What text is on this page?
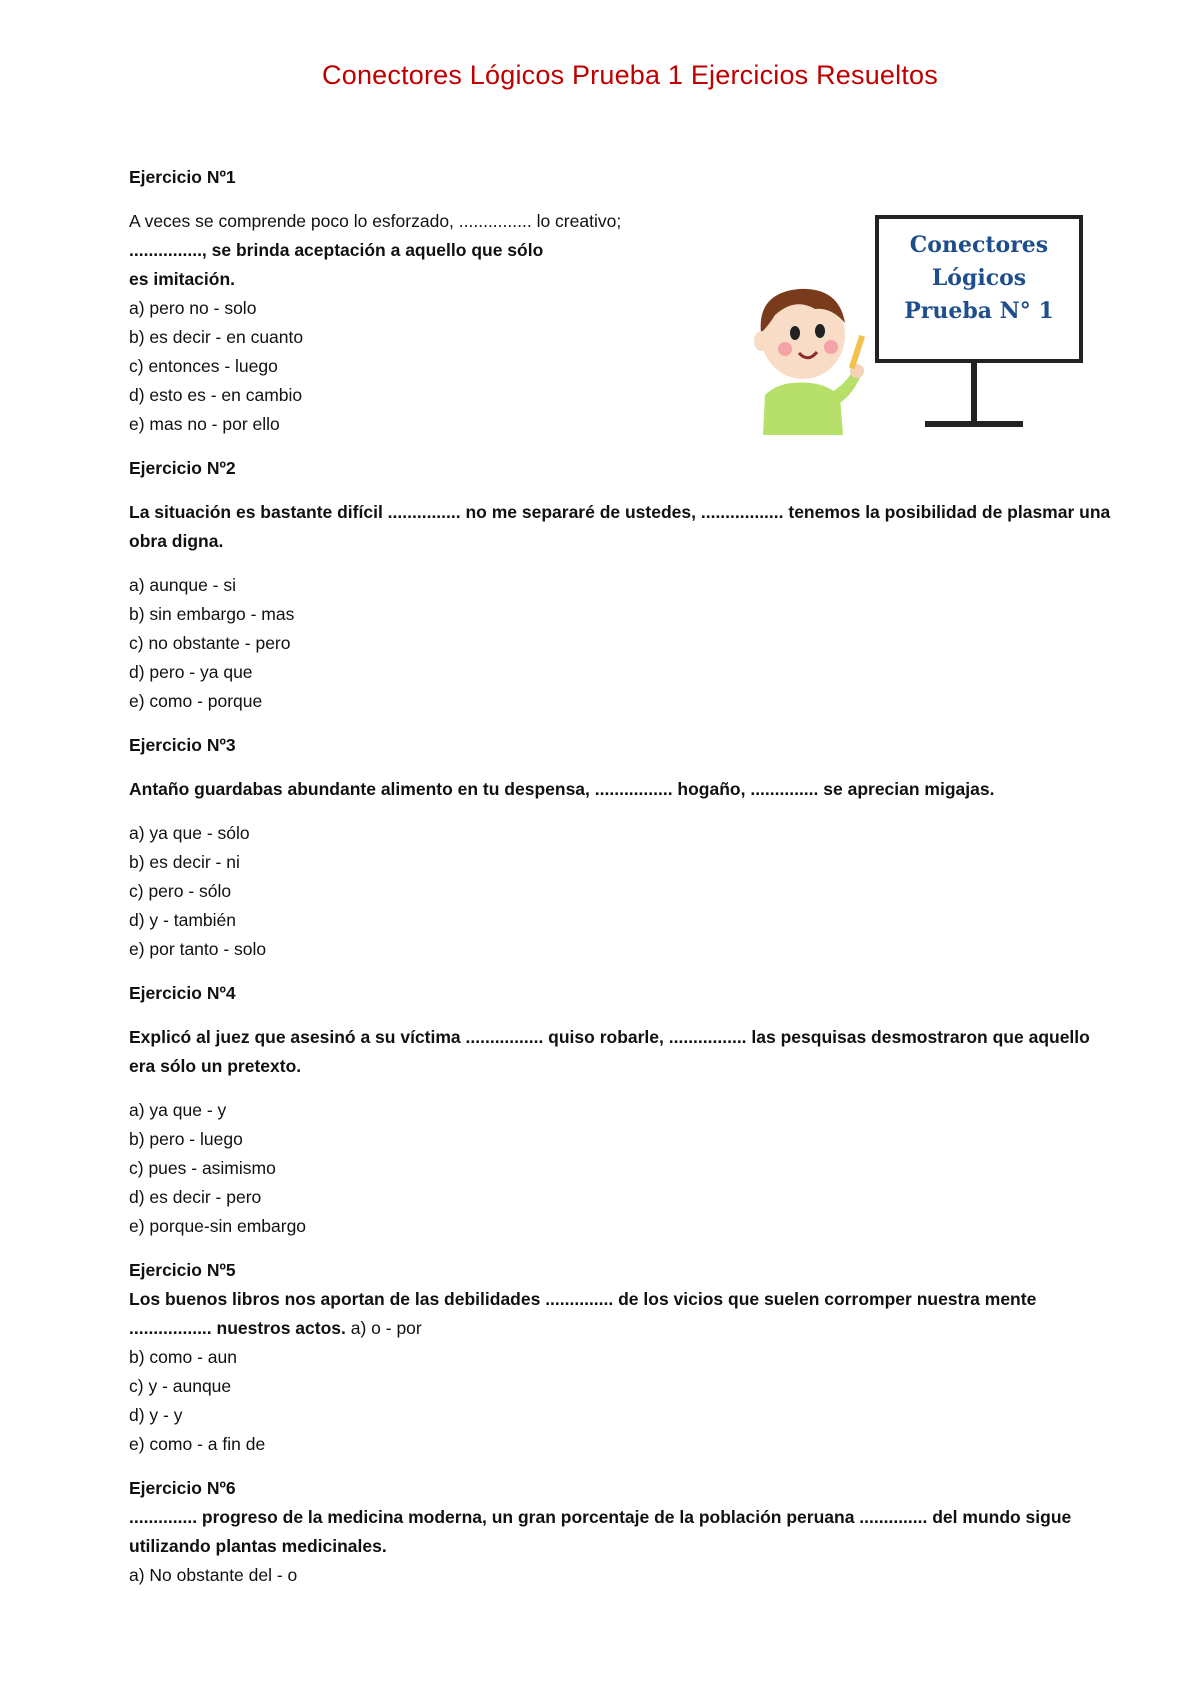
Conectores Lógicos Prueba 1 Ejercicios Resueltos
Conectores
Lógicos
Prueba N° 1
Ejercicio Nº1
A veces se comprende poco lo esforzado, ............... lo creativo;
..............., se brinda aceptación a aquello que sólo
es imitación.
a) pero no - solo
b) es decir - en cuanto
c) entonces - luego
d) esto es - en cambio
e) mas no - por ello
Ejercicio Nº2
La situación es bastante difícil ............... no me separaré de ustedes, ................. tenemos la posibilidad de plasmar una obra digna.
a) aunque - si
b) sin embargo - mas
c) no obstante - pero
d) pero - ya que
e) como - porque
Ejercicio Nº3
Antaño guardabas abundante alimento en tu despensa, ................ hogaño, .............. se aprecian migajas.
a) ya que - sólo
b) es decir - ni
c) pero - sólo
d) y - también
e) por tanto - solo
Ejercicio Nº4
Explicó al juez que asesinó a su víctima ................ quiso robarle, ................ las pesquisas desmostraron que aquello era sólo un pretexto.
a) ya que - y
b) pero - luego
c) pues - asimismo
d) es decir - pero
e) porque-sin embargo
Ejercicio Nº5
Los buenos libros nos aportan de las debilidades .............. de los vicios que suelen corromper nuestra mente ................. nuestros actos. a) o - por
b) como - aun
c) y - aunque
d) y - y
e) como - a fin de
Ejercicio Nº6
.............. progreso de la medicina moderna, un gran porcentaje de la población peruana .............. del mundo sigue utilizando plantas medicinales.
a) No obstante del - o
